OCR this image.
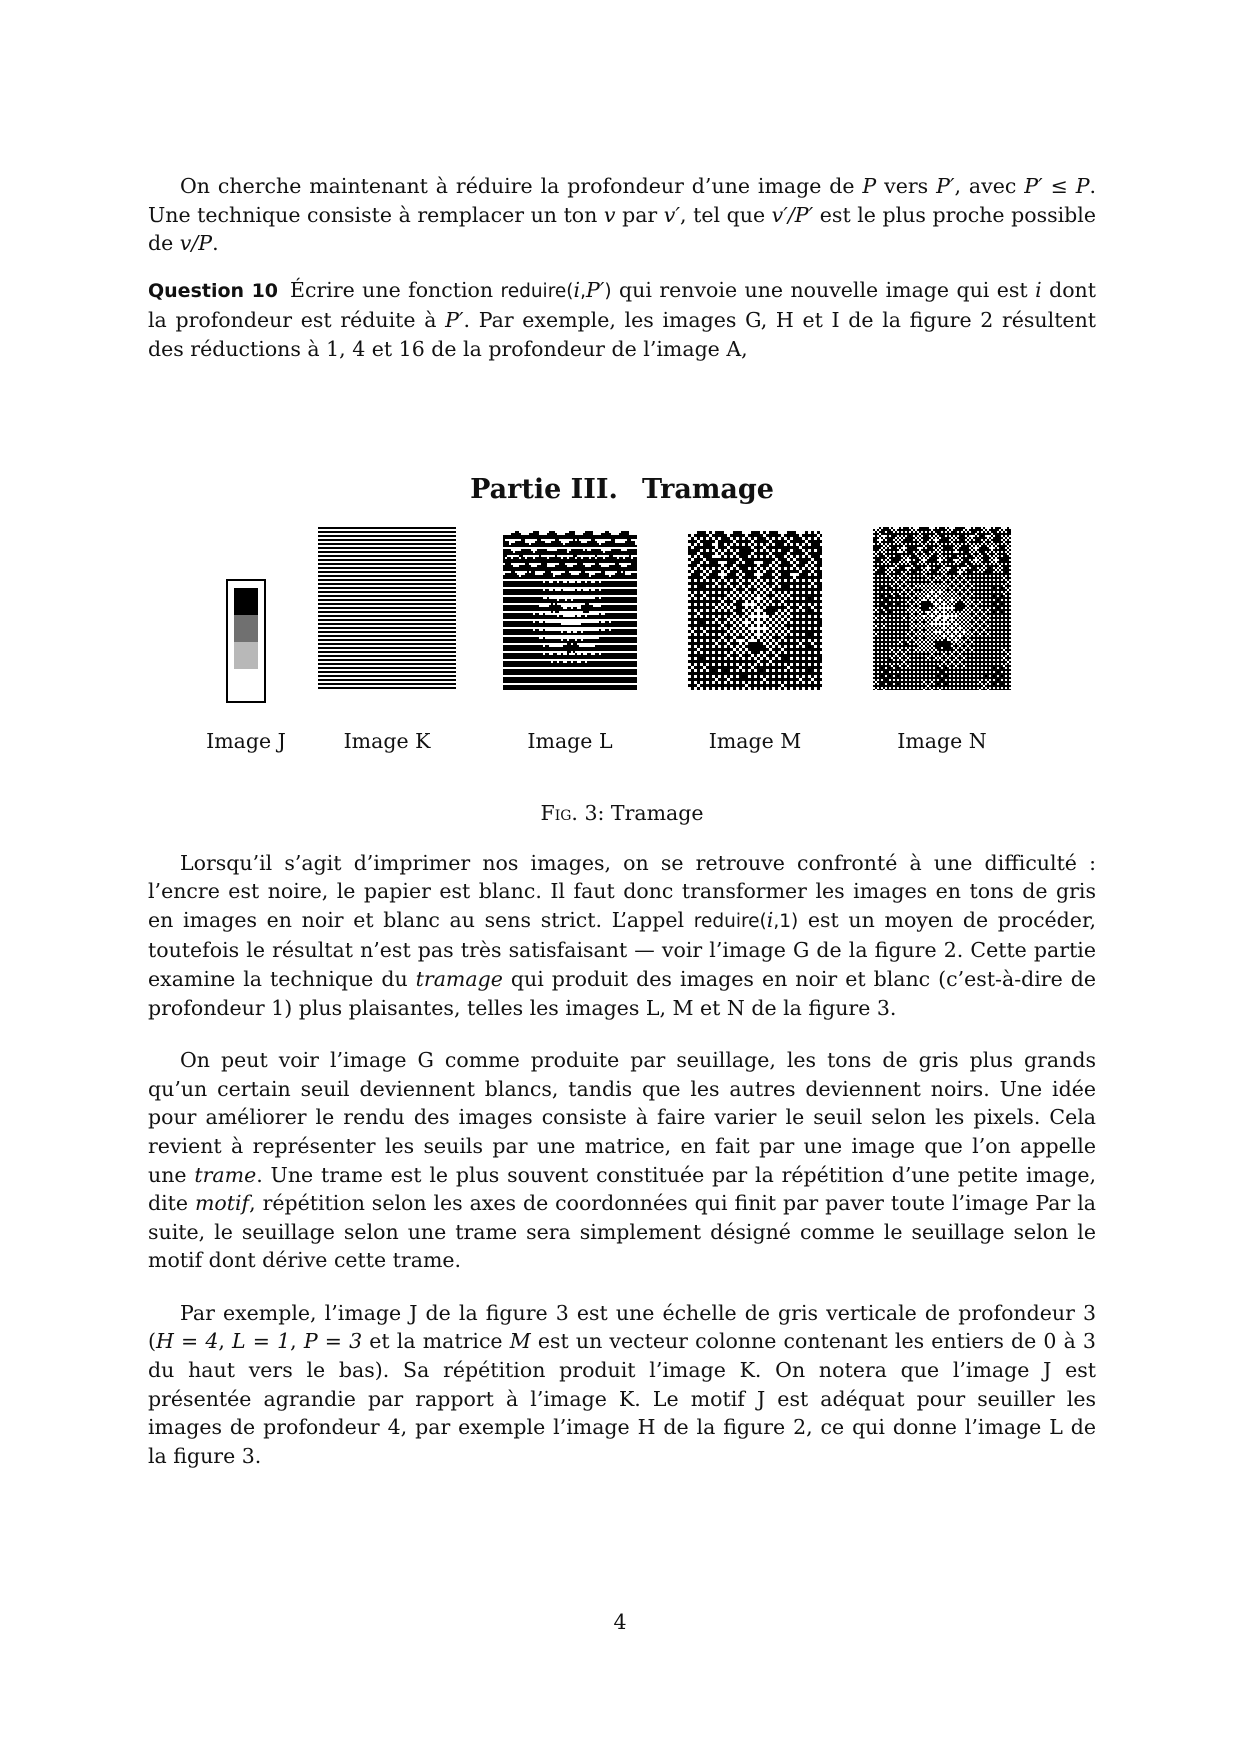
On cherche maintenant à réduire la profondeur d’une image de P vers P′, avec P′ ≤ P. Une technique consiste à remplacer un ton v par v′, tel que v′/P′ est le plus proche possible de v/P.

Question 10 Écrire une fonction reduire(i,P′) qui renvoie une nouvelle image qui est i dont la profondeur est réduite à P′. Par exemple, les images G, H et I de la figure 2 résultent des réductions à 1, 4 et 16 de la profondeur de l’image A,

Partie III. Tramage
Image J	Image K	Image L	Image M	Image N
Fig. 3: Tramage

Lorsqu’il s’agit d’imprimer nos images, on se retrouve confronté à une difficulté : l’encre est noire, le papier est blanc. Il faut donc transformer les images en tons de gris en images en noir et blanc au sens strict. L’appel reduire(i,1) est un moyen de procéder, toutefois le résultat n’est pas très satisfaisant — voir l’image G de la figure 2. Cette partie examine la technique du tramage qui produit des images en noir et blanc (c’est-à-dire de profondeur 1) plus plaisantes, telles les images L, M et N de la figure 3.

On peut voir l’image G comme produite par seuillage, les tons de gris plus grands qu’un certain seuil deviennent blancs, tandis que les autres deviennent noirs. Une idée pour améliorer le rendu des images consiste à faire varier le seuil selon les pixels. Cela revient à représenter les seuils par une matrice, en fait par une image que l’on appelle une trame. Une trame est le plus souvent constituée par la répétition d’une petite image, dite motif, répétition selon les axes de coordonnées qui finit par paver toute l’image Par la suite, le seuillage selon une trame sera simplement désigné comme le seuillage selon le motif dont dérive cette trame.

Par exemple, l’image J de la figure 3 est une échelle de gris verticale de profondeur 3 (H = 4, L = 1, P = 3 et la matrice M est un vecteur colonne contenant les entiers de 0 à 3 du haut vers le bas). Sa répétition produit l’image K. On notera que l’image J est présentée agrandie par rapport à l’image K. Le motif J est adéquat pour seuiller les images de profondeur 4, par exemple l’image H de la figure 2, ce qui donne l’image L de la figure 3.

4
